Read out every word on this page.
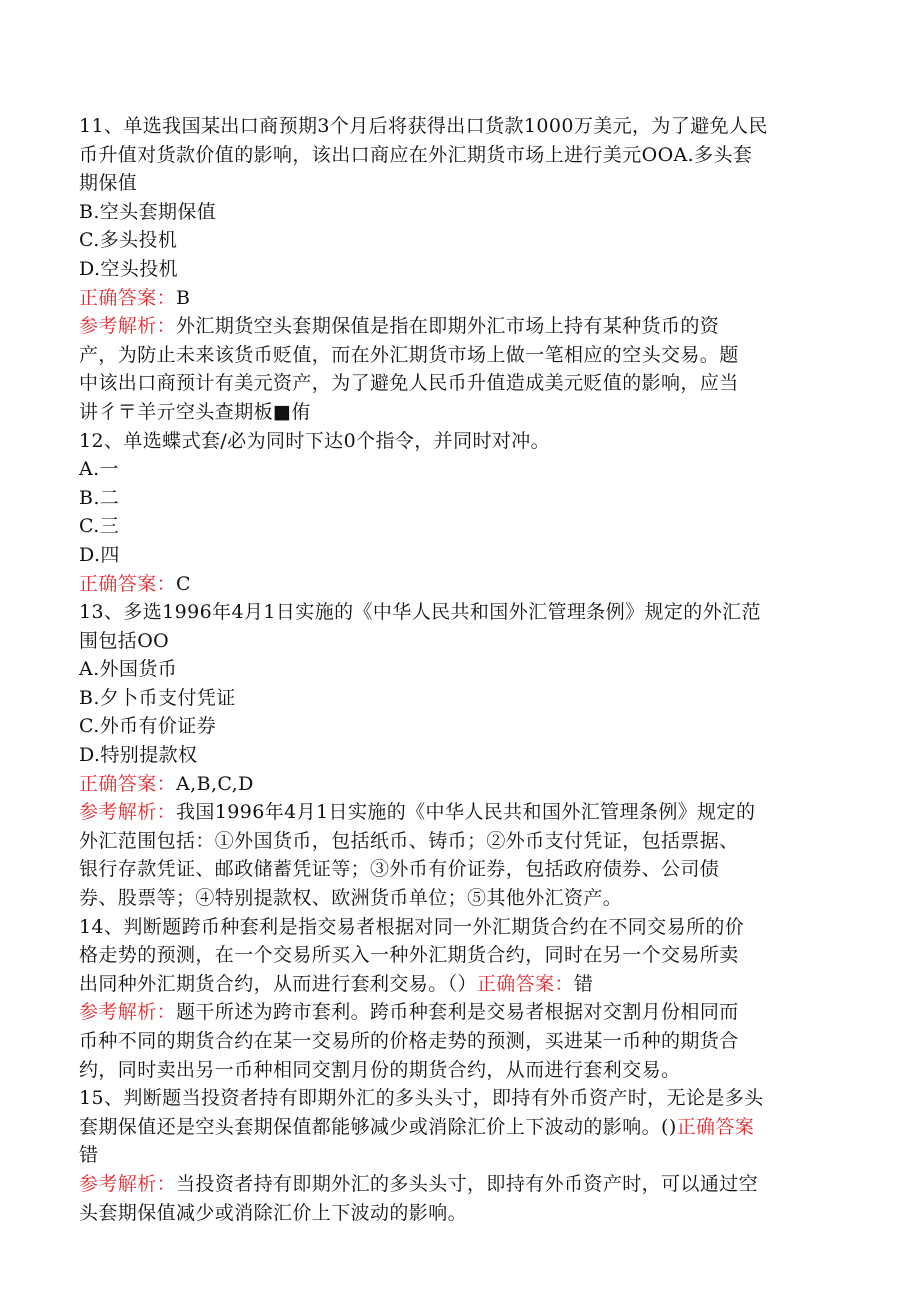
11、单选我国某出口商预期3个月后将获得出口货款1000万美元，为了避免人民
币升值对货款价值的影响，该出口商应在外汇期货市场上进行美元OOA.多头套
期保值
B.空头套期保值
C.多头投机
D.空头投机
正确答案：B
参考解析：外汇期货空头套期保值是指在即期外汇市场上持有某种货币的资
产，为防止未来该货币贬值，而在外汇期货市场上做一笔相应的空头交易。题
中该出口商预计有美元资产，为了避免人民币升值造成美元贬值的影响，应当
讲彳〒羊亓空头查期板■侑
12、单选蝶式套/必为同时下达0个指令，并同时对冲。
A.一
B.二
C.三
D.四
正确答案：C
13、多选1996年4月1日实施的《中华人民共和国外汇管理条例》规定的外汇范
围包括OO
A.外国货币
B.夕卜币支付凭证
C.外币有价证券
D.特别提款权
正确答案：A,B,C,D
参考解析：我国1996年4月1日实施的《中华人民共和国外汇管理条例》规定的
外汇范围包括：①外国货币，包括纸币、铸币；②外币支付凭证，包括票据、
银行存款凭证、邮政储蓄凭证等；③外币有价证券，包括政府债券、公司债
券、股票等；④特别提款权、欧洲货币单位；⑤其他外汇资产。
14、判断题跨币种套利是指交易者根据对同一外汇期货合约在不同交易所的价
格走势的预测，在一个交易所买入一种外汇期货合约，同时在另一个交易所卖
出同种外汇期货合约，从而进行套利交易。（）正确答案：错
参考解析：题干所述为跨市套利。跨币种套利是交易者根据对交割月份相同而
币种不同的期货合约在某一交易所的价格走势的预测，买进某一币种的期货合
约，同时卖出另一币种相同交割月份的期货合约，从而进行套利交易。
15、判断题当投资者持有即期外汇的多头头寸，即持有外币资产时，无论是多头
套期保值还是空头套期保值都能够减少或消除汇价上下波动的影响。()正确答案
错
参考解析：当投资者持有即期外汇的多头头寸，即持有外币资产时，可以通过空
头套期保值减少或消除汇价上下波动的影响。
